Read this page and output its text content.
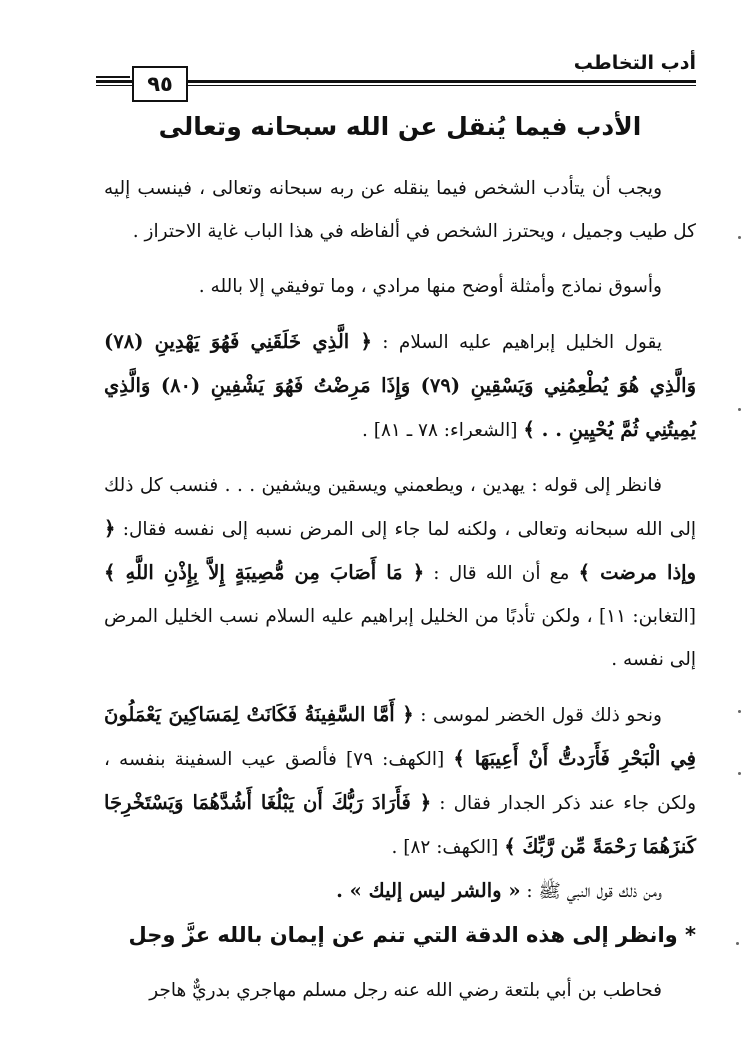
أدب التخاطب
٩٥
الأدب فيما يُنقل عن الله سبحانه وتعالى

ويجب أن يتأدب الشخص فيما ينقله عن ربه سبحانه وتعالى ، فينسب إليه كل طيب وجميل ، ويحترز الشخص في ألفاظه في هذا الباب غاية الاحتراز .

وأسوق نماذج وأمثلة أوضح منها مرادي ، وما توفيقي إلا بالله .

يقول الخليل إبراهيم عليه السلام : ﴿ الَّذِي خَلَقَنِي فَهُوَ يَهْدِينِ (٧٨) وَالَّذِي هُوَ يُطْعِمُنِي وَيَسْقِينِ (٧٩) وَإِذَا مَرِضْتُ فَهُوَ يَشْفِينِ (٨٠) وَالَّذِي يُمِيتُنِي ثُمَّ يُحْيِينِ . . ﴾ [الشعراء: ٧٨ ـ ٨١] .

فانظر إلى قوله : يهدين ، ويطعمني ويسقين ويشفين . . . فنسب كل ذلك إلى الله سبحانه وتعالى ، ولكنه لما جاء إلى المرض نسبه إلى نفسه فقال: ﴿ وإذا مرضت ﴾ مع أن الله قال : ﴿ مَا أَصَابَ مِن مُّصِيبَةٍ إِلاَّ بِإِذْنِ اللَّهِ ﴾ [التغابن: ١١] ، ولكن تأدبًا من الخليل إبراهيم عليه السلام نسب الخليل المرض إلى نفسه .

ونحو ذلك قول الخضر لموسى : ﴿ أَمَّا السَّفِينَةُ فَكَانَتْ لِمَسَاكِينَ يَعْمَلُونَ فِي الْبَحْرِ فَأَرَدتُّ أَنْ أَعِيبَهَا ﴾ [الكهف: ٧٩] فألصق عيب السفينة بنفسه ، ولكن جاء عند ذكر الجدار فقال : ﴿ فَأَرَادَ رَبُّكَ أَن يَبْلُغَا أَشُدَّهُمَا وَيَسْتَخْرِجَا كَنزَهُمَا رَحْمَةً مِّن رَّبِّكَ ﴾ [الكهف: ٨٢] .

ومن ذلك قول النبي ﷺ : « والشر ليس إليك » .

* وانظر إلى هذه الدقة التي تنم عن إيمان بالله عزَّ وجل

فحاطب بن أبي بلتعة رضي الله عنه رجل مسلم مهاجري بدريٌّ هاجر
